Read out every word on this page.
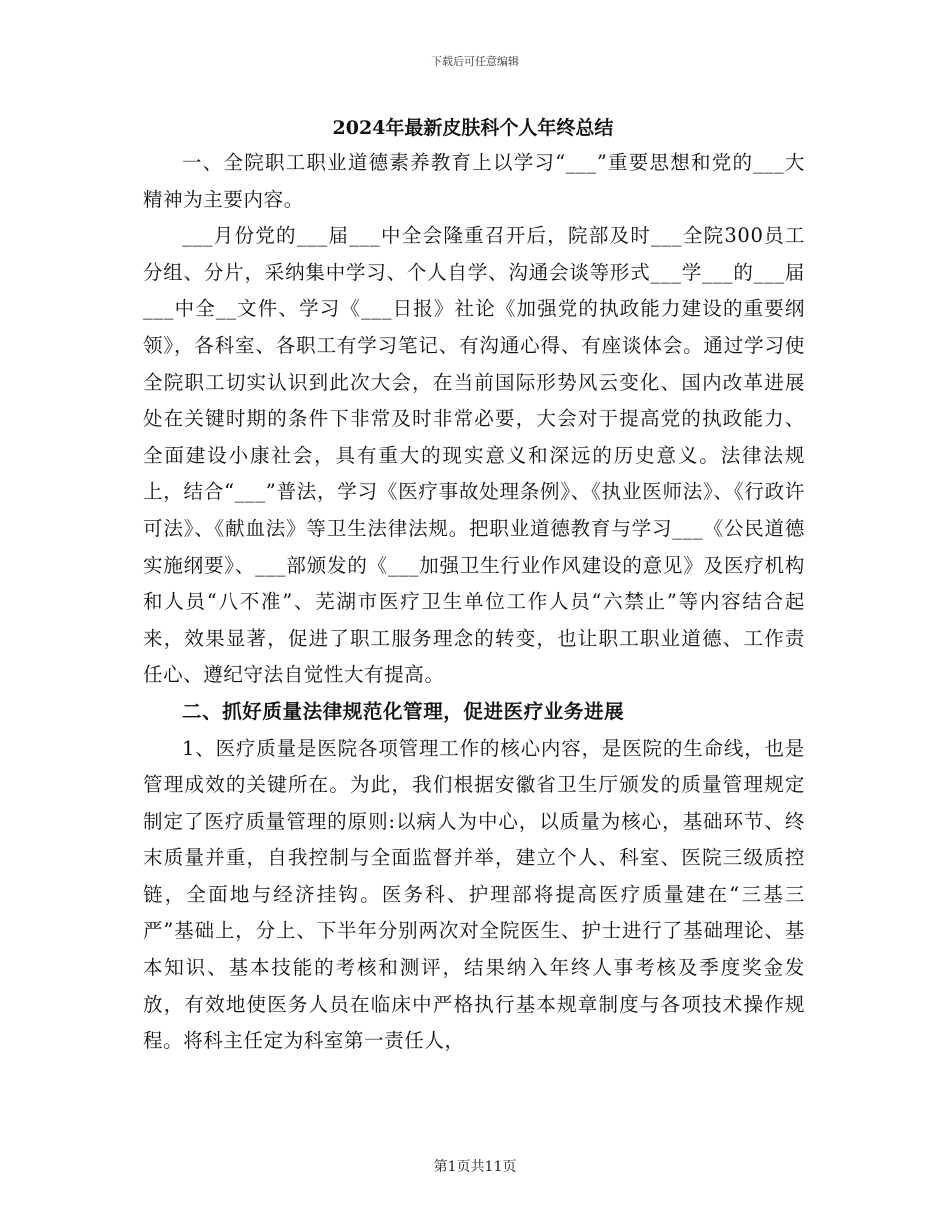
下载后可任意编辑
2024年最新皮肤科个人年终总结

一、全院职工职业道德素养教育上以学习“___”重要思想和党的___大精神为主要内容。

___月份党的___届___中全会隆重召开后，院部及时___全院300员工分组、分片，采纳集中学习、个人自学、沟通会谈等形式___学___的___届___中全__文件、学习《___日报》社论《加强党的执政能力建设的重要纲领》，各科室、各职工有学习笔记、有沟通心得、有座谈体会。通过学习使全院职工切实认识到此次大会，在当前国际形势风云变化、国内改革进展处在关键时期的条件下非常及时非常必要，大会对于提高党的执政能力、全面建设小康社会，具有重大的现实意义和深远的历史意义。法律法规上，结合“___”普法，学习《医疗事故处理条例》、《执业医师法》、《行政许可法》、《献血法》等卫生法律法规。把职业道德教育与学习___《公民道德实施纲要》、___部颁发的《___加强卫生行业作风建设的意见》及医疗机构和人员“八不准”、芜湖市医疗卫生单位工作人员“六禁止”等内容结合起来，效果显著，促进了职工服务理念的转变，也让职工职业道德、工作责任心、遵纪守法自觉性大有提高。

二、抓好质量法律规范化管理，促进医疗业务进展

1、医疗质量是医院各项管理工作的核心内容，是医院的生命线，也是管理成效的关键所在。为此，我们根据安徽省卫生厅颁发的质量管理规定制定了医疗质量管理的原则:以病人为中心，以质量为核心，基础环节、终末质量并重，自我控制与全面监督并举，建立个人、科室、医院三级质控链，全面地与经济挂钩。医务科、护理部将提高医疗质量建在“三基三严”基础上，分上、下半年分别两次对全院医生、护士进行了基础理论、基本知识、基本技能的考核和测评，结果纳入年终人事考核及季度奖金发放，有效地使医务人员在临床中严格执行基本规章制度与各项技术操作规程。将科主任定为科室第一责任人，

第1页共11页
